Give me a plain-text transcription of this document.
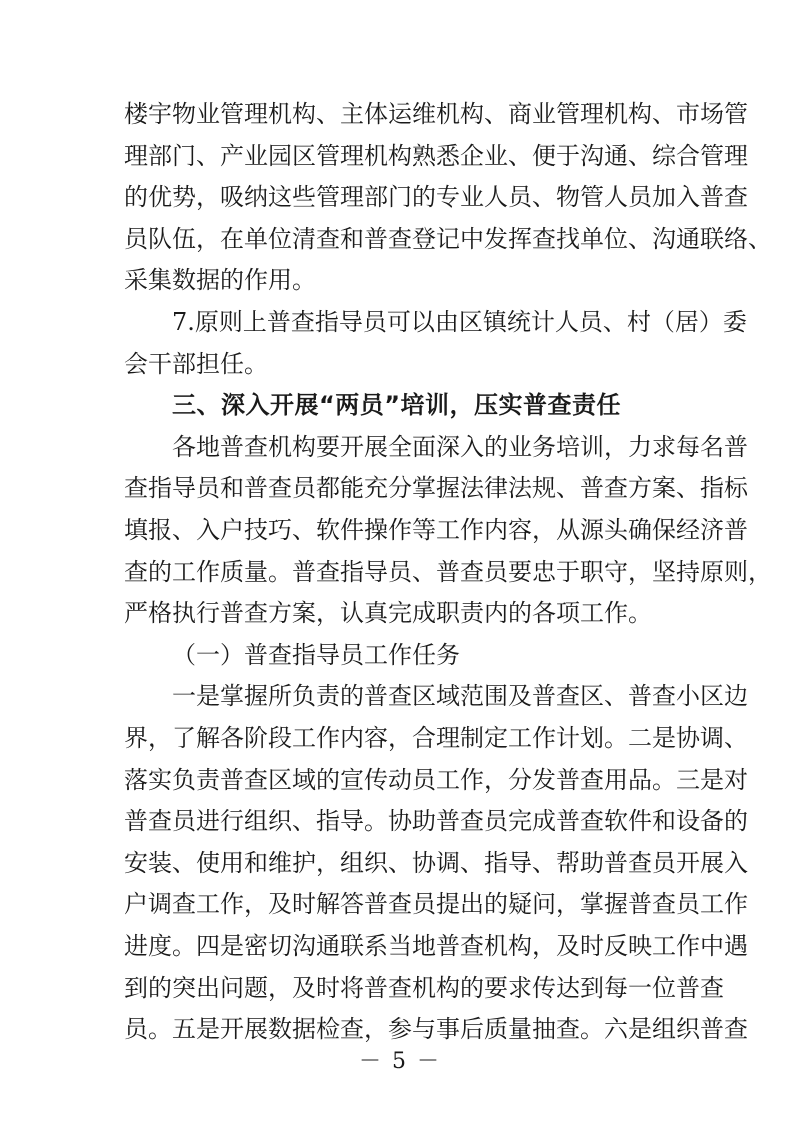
楼宇物业管理机构、主体运维机构、商业管理机构、市场管
理部门、产业园区管理机构熟悉企业、便于沟通、综合管理
的优势，吸纳这些管理部门的专业人员、物管人员加入普查
员队伍，在单位清查和普查登记中发挥查找单位、沟通联络、
采集数据的作用。
7.原则上普查指导员可以由区镇统计人员、村（居）委
会干部担任。
三、深入开展“两员”培训，压实普查责任
各地普查机构要开展全面深入的业务培训，力求每名普
查指导员和普查员都能充分掌握法律法规、普查方案、指标
填报、入户技巧、软件操作等工作内容，从源头确保经济普
查的工作质量。普查指导员、普查员要忠于职守，坚持原则，
严格执行普查方案，认真完成职责内的各项工作。
（一）普查指导员工作任务
一是掌握所负责的普查区域范围及普查区、普查小区边
界，了解各阶段工作内容，合理制定工作计划。二是协调、
落实负责普查区域的宣传动员工作，分发普查用品。三是对
普查员进行组织、指导。协助普查员完成普查软件和设备的
安装、使用和维护，组织、协调、指导、帮助普查员开展入
户调查工作，及时解答普查员提出的疑问，掌握普查员工作
进度。四是密切沟通联系当地普查机构，及时反映工作中遇
到的突出问题，及时将普查机构的要求传达到每一位普查
员。五是开展数据检查，参与事后质量抽查。六是组织普查
－ 5 －
